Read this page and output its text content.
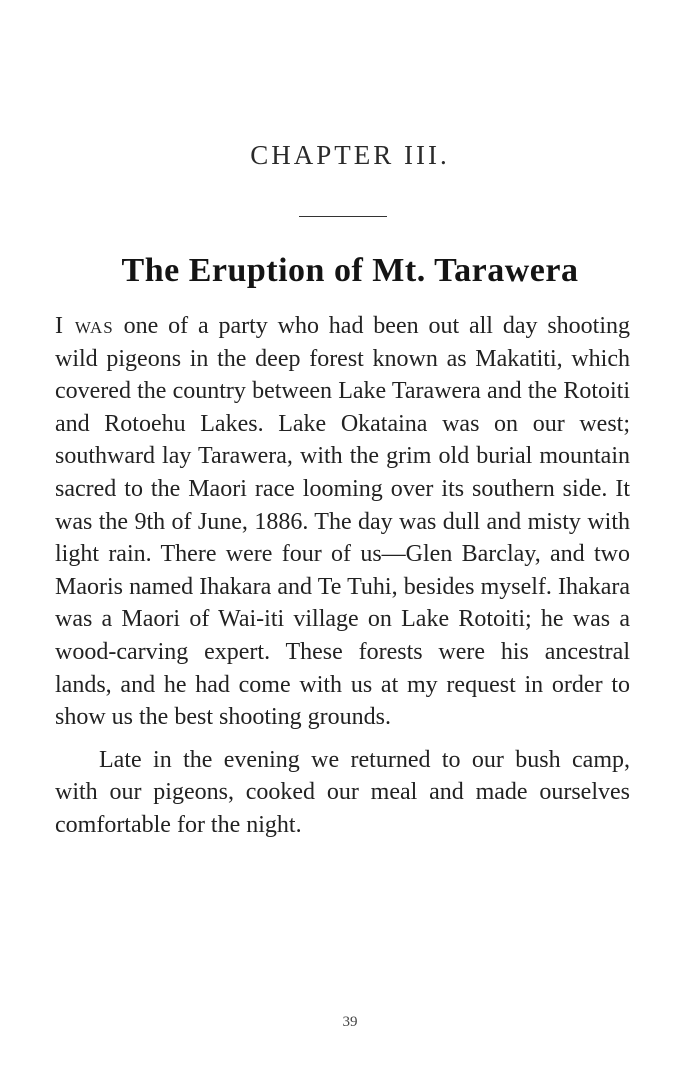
CHAPTER III.
The Eruption of Mt. Tarawera

I was one of a party who had been out all day shooting wild pigeons in the deep forest known as Makatiti, which covered the country between Lake Tarawera and the Rotoiti and Rotoehu Lakes. Lake Okataina was on our west; southward lay Tarawera, with the grim old burial mountain sacred to the Maori race looming over its southern side. It was the 9th of June, 1886. The day was dull and misty with light rain. There were four of us—Glen Barclay, and two Maoris named Ihakara and Te Tuhi, besides myself. Ihakara was a Maori of Wai-iti village on Lake Rotoiti; he was a wood-carving expert. These forests were his ancestral lands, and he had come with us at my request in order to show us the best shooting grounds.

Late in the evening we returned to our bush camp, with our pigeons, cooked our meal and made ourselves comfortable for the night.

39
